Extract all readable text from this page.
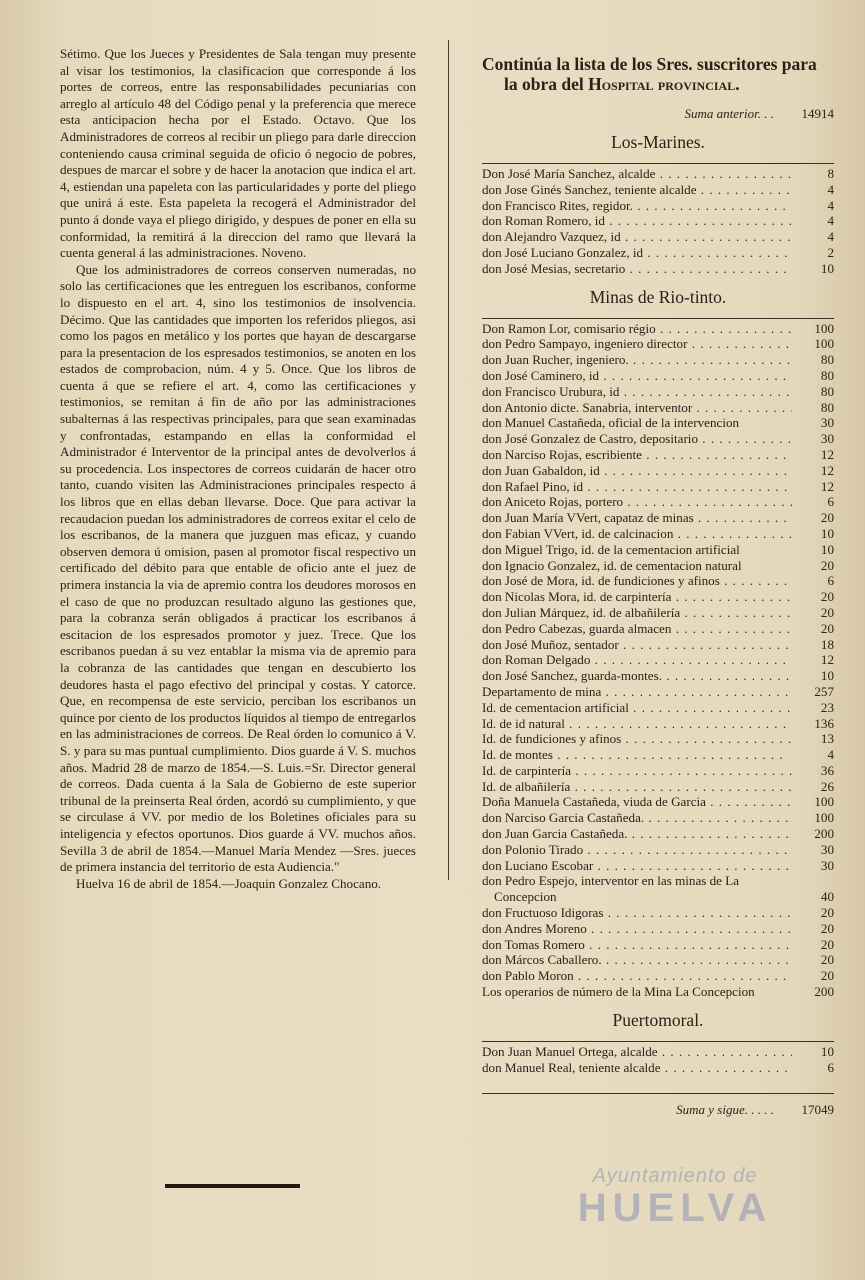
Sétimo. Que los Jueces y Presidentes de Sala tengan muy presente al visar los testimonios, la clasificacion que corresponde á los portes de correos, entre las responsabilidades pecuniarias con arreglo al artículo 48 del Código penal y la preferencia que merece esta anticipacion hecha por el Estado. Octavo. Que los Administradores de correos al recibir un pliego para darle direccion conteniendo causa criminal seguida de oficio ó negocio de pobres, despues de marcar el sobre y de hacer la anotacion que indica el art. 4, estiendan una papeleta con las particularidades y porte del pliego que unirá á este. Esta papeleta la recogerá el Administrador del punto á donde vaya el pliego dirigido, y despues de poner en ella su conformidad, la remitirá á la direccion del ramo que llevará la cuenta general á las administraciones. Noveno.

Que los administradores de correos conserven numeradas, no solo las certificaciones que les entreguen los escribanos, conforme lo dispuesto en el art. 4, sino los testimonios de insolvencia. Décimo. Que las cantidades que importen los referidos pliegos, asi como los pagos en metálico y los portes que hayan de descargarse para la presentacion de los espresados testimonios, se anoten en los estados de comprobacion, núm. 4 y 5. Once. Que los libros de cuenta á que se refiere el art. 4, como las certificaciones y testimonios, se remitan á fin de año por las administraciones subalternas á las respectivas principales, para que sean examinadas y confrontadas, estampando en ellas la conformidad el Administrador é Interventor de la principal antes de devolverlos á su procedencia. Los inspectores de correos cuidarán de hacer otro tanto, cuando visiten las Administraciones principales respecto á los libros que en ellas deban llevarse. Doce. Que para activar la recaudacion puedan los administradores de correos exitar el celo de los escribanos, de la manera que juzguen mas eficaz, y cuando observen demora ú omision, pasen al promotor fiscal respectivo un certificado del débito para que entable de oficio ante el juez de primera instancia la via de apremio contra los deudores morosos en el caso de que no produzcan resultado alguno las gestiones que, para la cobranza serán obligados á practicar los escribanos á escitacion de los espresados promotor y juez. Trece. Que los escribanos puedan á su vez entablar la misma via de apremio para la cobranza de las cantidades que tengan en descubierto los deudores hasta el pago efectivo del principal y costas. Y catorce. Que, en recompensa de este servicio, perciban los escribanos un quince por ciento de los productos líquidos al tiempo de entregarlos en las administraciones de correos. De Real órden lo comunico á V. S. y para su mas puntual cumplimiento. Dios guarde á V. S. muchos años. Madrid 28 de marzo de 1854.—S. Luis.=Sr. Director general de correos. Dada cuenta á la Sala de Gobierno de este superior tribunal de la preinserta Real órden, acordó su cumplimiento, y que se circulase á VV. por medio de los Boletines oficiales para su inteligencia y efectos oportunos. Dios guarde á VV. muchos años. Sevilla 3 de abril de 1854.—Manuel María Mendez —Sres. jueces de primera instancia del territorio de esta Audiencia."

Huelva 16 de abril de 1854.—Joaquin Gonzalez Chocano.

Continúa la lista de los Sres. suscritores para
la obra del Hospital provincial.
Suma anterior. . .	14914
Los-Marines.
Don José María Sanchez, alcalde . .	8
don Jose Ginés Sanchez, teniente alcalde . .	4
don Francisco Rites, regidor. . .	4
don Roman Romero, id . .	4
don Alejandro Vazquez, id . .	4
don José Luciano Gonzalez, id . .	2
don José Mesias, secretario . .	10
Minas de Rio-tinto.
Don Ramon Lor, comisario régio . .	100
don Pedro Sampayo, ingeniero director . .	100
don Juan Rucher, ingeniero. . .	80
don José Caminero, id . .	80
don Francisco Urubura, id . .	80
don Antonio dicte. Sanabria, interventor . .	80
don Manuel Castañeda, oficial de la intervencion	30
don José Gonzalez de Castro, depositario . .	30
don Narciso Rojas, escribiente . .	12
don Juan Gabaldon, id . .	12
don Rafael Pino, id . .	12
don Aniceto Rojas, portero . .	6
don Juan María VVert, capataz de minas . .	20
don Fabian VVert, id. de calcinacion . .	10
don Miguel Trigo, id. de la cementacion artificial	10
don Ignacio Gonzalez, id. de cementacion natural	20
don José de Mora, id. de fundiciones y afinos . .	6
don Nicolas Mora, id. de carpintería . .	20
don Julian Márquez, id. de albañilería . .	20
don Pedro Cabezas, guarda almacen . .	20
don José Muñoz, sentador . .	18
don Roman Delgado . .	12
don José Sanchez, guarda-montes. . .	10
Departamento de mina . .	257
Id. de cementacion artificial . .	23
Id. de id natural . .	136
Id. de fundiciones y afinos . .	13
Id. de montes . .	4
Id. de carpintería . .	36
Id. de albañilería . .	26
Doña Manuela Castañeda, viuda de Garcia . .	100
don Narciso Garcia Castañeda. . .	100
don Juan Garcia Castañeda. . .	200
don Polonio Tirado . .	30
don Luciano Escobar . .	30
don Pedro Espejo, interventor en las minas de La Concepcion	40
don Fructuoso Idigoras . .	20
don Andres Moreno . .	20
don Tomas Romero . .	20
don Márcos Caballero. . .	20
don Pablo Moron . .	20
Los operarios de número de la Mina La Concepcion	200
Puertomoral.
Don Juan Manuel Ortega, alcalde . .	10
don Manuel Real, teniente alcalde . .	6
Suma y sigue. . . . .	17049
Ayuntamiento de
HUELVA
